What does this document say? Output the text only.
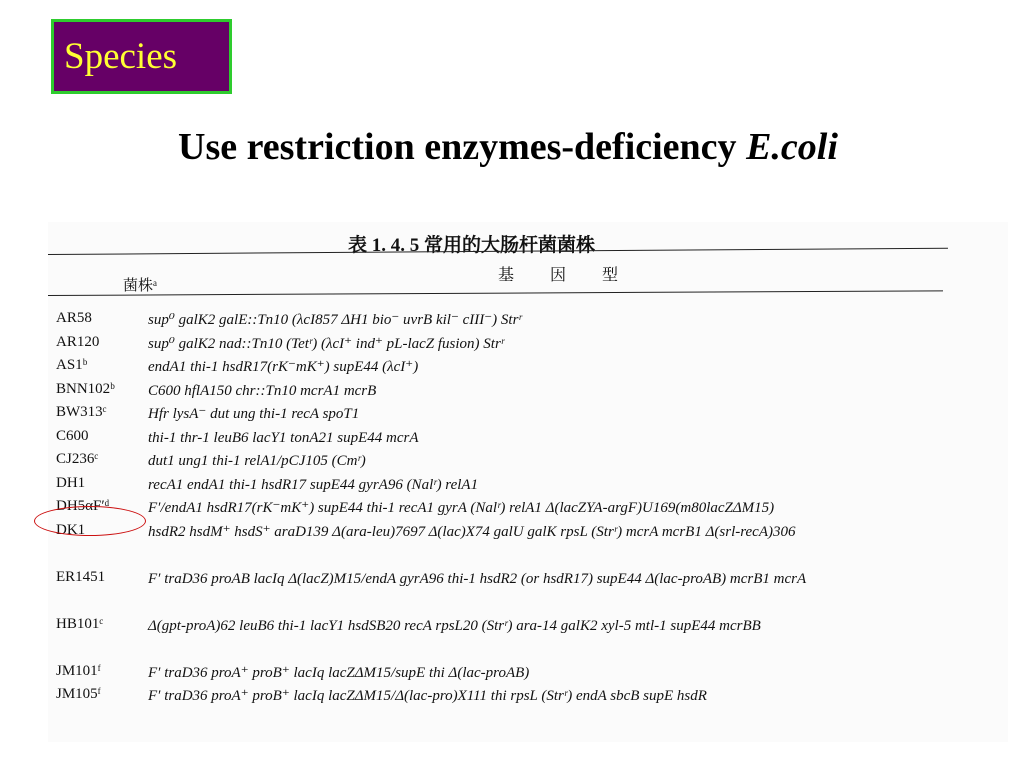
Species
Use restriction enzymes-deficiency E.coli
表 1. 4. 5 常用的大肠杆菌菌株
菌株ᵃ
基因型
AR58	sup⁰ galK2 galE::Tn10 (λcI857 ΔH1 bio⁻ uvrB kil⁻ cIII⁻) Strʳ
AR120	sup⁰ galK2 nad::Tn10 (Tetʳ) (λcI⁺ ind⁺ pL-lacZ fusion) Strʳ
AS1ᵇ	endA1 thi-1 hsdR17(rK⁻mK⁺) supE44 (λcI⁺)
BNN102ᵇ	C600 hflA150 chr::Tn10 mcrA1 mcrB
BW313ᶜ	Hfr lysA⁻ dut ung thi-1 recA spoT1
C600	thi-1 thr-1 leuB6 lacY1 tonA21 supE44 mcrA
CJ236ᶜ	dut1 ung1 thi-1 relA1/pCJ105 (Cmʳ)
DH1	recA1 endA1 thi-1 hsdR17 supE44 gyrA96 (Nalʳ) relA1
DH5αF′ᵈ	F′/endA1 hsdR17(rK⁻mK⁺) supE44 thi-1 recA1 gyrA (Nalʳ) relA1 Δ(lacZYA-argF)U169(m80lacZΔM15)
DK1	hsdR2 hsdM⁺ hsdS⁺ araD139 Δ(ara-leu)7697 Δ(lac)X74 galU galK rpsL (Strʳ) mcrA mcrB1 Δ(srl-recA)306
ER1451	F′ traD36 proAB lacIq Δ(lacZ)M15/endA gyrA96 thi-1 hsdR2 (or hsdR17) supE44 Δ(lac-proAB) mcrB1 mcrA
HB101ᶜ	Δ(gpt-proA)62 leuB6 thi-1 lacY1 hsdSB20 recA rpsL20 (Strʳ) ara-14 galK2 xyl-5 mtl-1 supE44 mcrBB
JM101ᶠ	F′ traD36 proA⁺ proB⁺ lacIq lacZΔM15/supE thi Δ(lac-proAB)
JM105ᶠ	F′ traD36 proA⁺ proB⁺ lacIq lacZΔM15/Δ(lac-pro)X111 thi rpsL (Strʳ) endA sbcB supE hsdR
